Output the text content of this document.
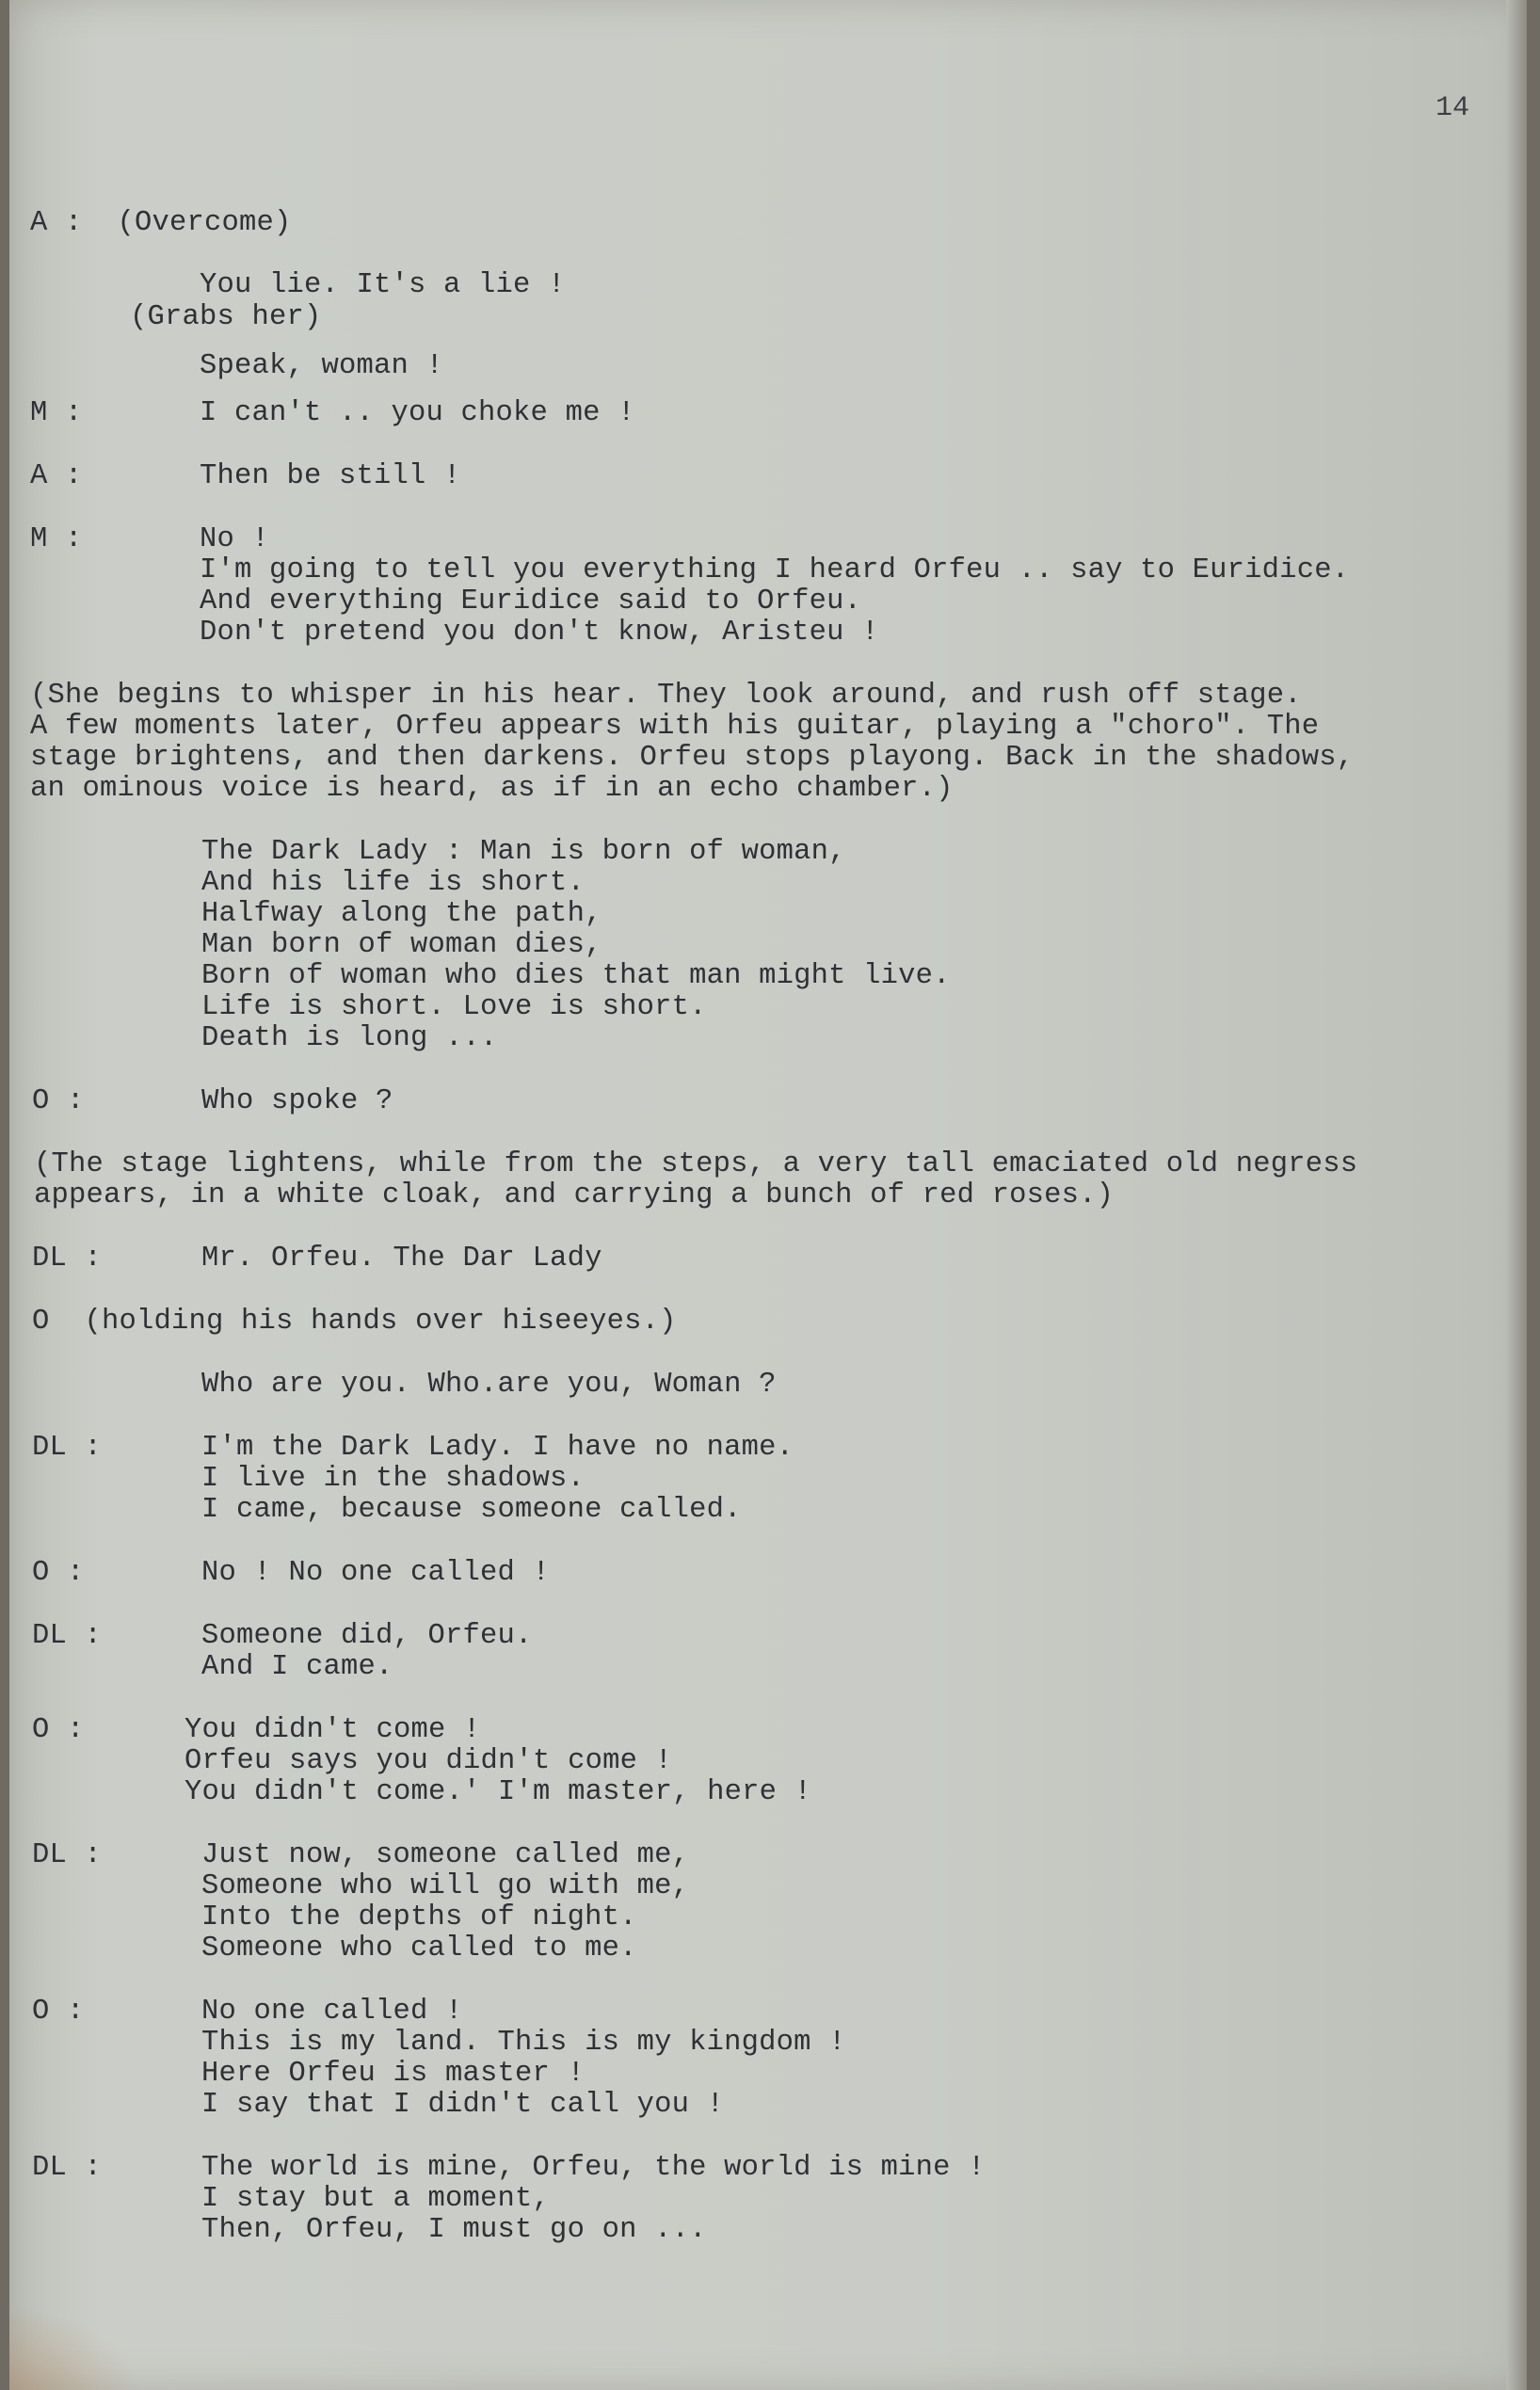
14
A :  (Overcome)
You lie. It's a lie !
(Grabs her)
Speak, woman !
M :	I can't .. you choke me !
A :	Then be still !
M :	No !
I'm going to tell you everything I heard Orfeu .. say to Euridice.
And everything Euridice said to Orfeu.
Don't pretend you don't know, Aristeu !
(She begins to whisper in his hear. They look around, and rush off stage.
A few moments later, Orfeu appears with his guitar, playing a "choro". The
stage brightens, and then darkens. Orfeu stops playong. Back in the shadows,
an ominous voice is heard, as if in an echo chamber.)
The Dark Lady : Man is born of woman,
And his life is short.
Halfway along the path,
Man born of woman dies,
Born of woman who dies that man might live.
Life is short. Love is short.
Death is long ...
O :	Who spoke ?
(The stage lightens, while from the steps, a very tall emaciated old negress
appears, in a white cloak, and carrying a bunch of red roses.)
DL :	Mr. Orfeu. The Dar Lady
O  (holding his hands over hiseeyes.)
Who are you. Who.are you, Woman ?
DL :	I'm the Dark Lady. I have no name.
I live in the shadows.
I came, because someone called.
O :	No ! No one called !
DL :	Someone did, Orfeu.
And I came.
O :	You didn't come !
Orfeu says you didn't come !
You didn't come.' I'm master, here !
DL :	Just now, someone called me,
Someone who will go with me,
Into the depths of night.
Someone who called to me.
O :	No one called !
This is my land. This is my kingdom !
Here Orfeu is master !
I say that I didn't call you !
DL :	The world is mine, Orfeu, the world is mine !
I stay but a moment,
Then, Orfeu, I must go on ...
